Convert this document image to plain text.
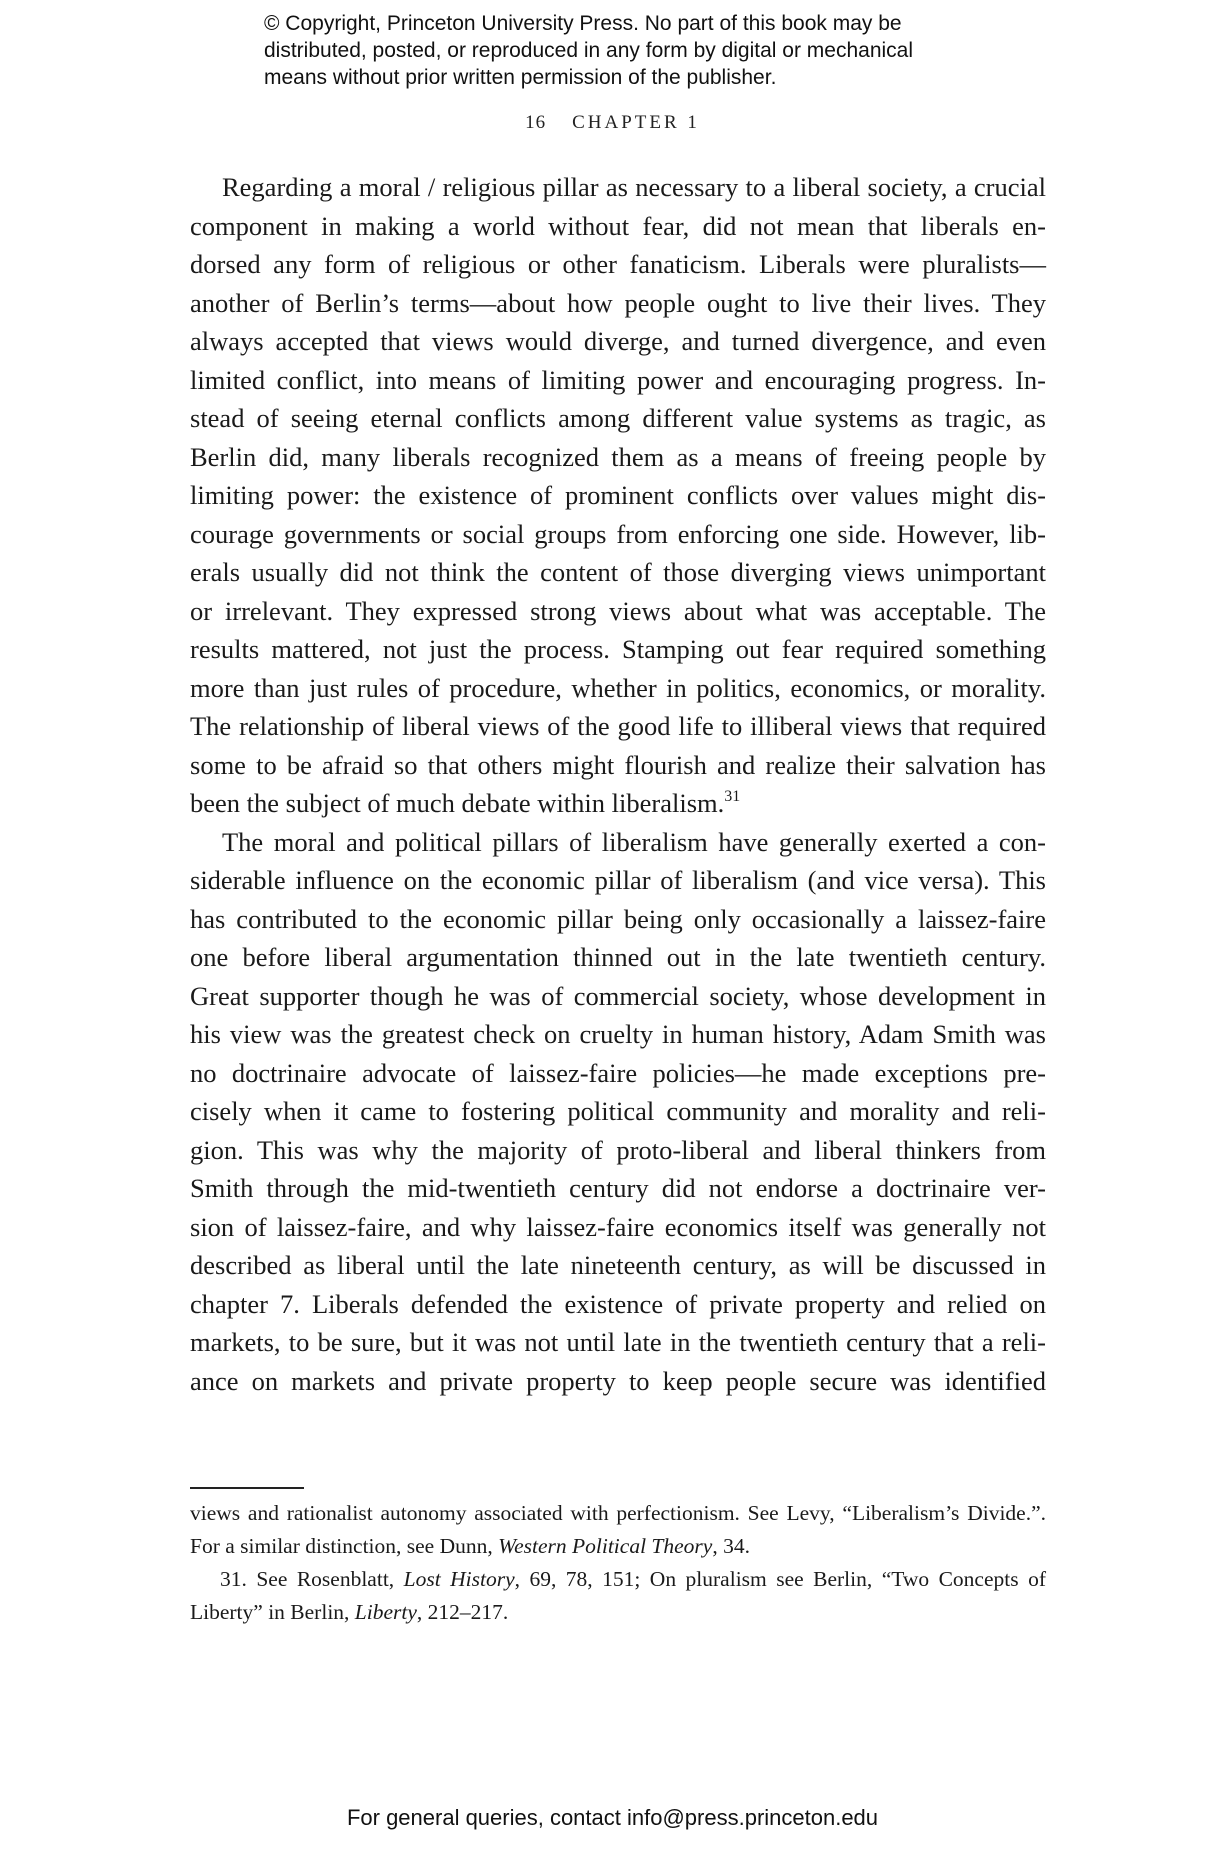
© Copyright, Princeton University Press. No part of this book may be
distributed, posted, or reproduced in any form by digital or mechanical
means without prior written permission of the publisher.
16 CHAPTER 1
Regarding a moral / religious pillar as necessary to a liberal society, a crucial
component in making a world without fear, did not mean that liberals en-
dorsed any form of religious or other fanaticism. Liberals were pluralists—
another of Berlin’s terms—about how people ought to live their lives. They
always accepted that views would diverge, and turned divergence, and even
limited conflict, into means of limiting power and encouraging progress. In-
stead of seeing eternal conflicts among different value systems as tragic, as
Berlin did, many liberals recognized them as a means of freeing people by
limiting power: the existence of prominent conflicts over values might dis-
courage governments or social groups from enforcing one side. However, lib-
erals usually did not think the content of those diverging views unimportant
or irrelevant. They expressed strong views about what was acceptable. The
results mattered, not just the process. Stamping out fear required something
more than just rules of procedure, whether in politics, economics, or morality.
The relationship of liberal views of the good life to illiberal views that required
some to be afraid so that others might flourish and realize their salvation has
been the subject of much debate within liberalism.$^{31}$
The moral and political pillars of liberalism have generally exerted a con-
siderable influence on the economic pillar of liberalism (and vice versa). This
has contributed to the economic pillar being only occasionally a laissez-faire
one before liberal argumentation thinned out in the late twentieth century.
Great supporter though he was of commercial society, whose development in
his view was the greatest check on cruelty in human history, Adam Smith was
no doctrinaire advocate of laissez-faire policies—he made exceptions pre-
cisely when it came to fostering political community and morality and reli-
gion. This was why the majority of proto-liberal and liberal thinkers from
Smith through the mid-twentieth century did not endorse a doctrinaire ver-
sion of laissez-faire, and why laissez-faire economics itself was generally not
described as liberal until the late nineteenth century, as will be discussed in
chapter 7. Liberals defended the existence of private property and relied on
markets, to be sure, but it was not until late in the twentieth century that a reli-
ance on markets and private property to keep people secure was identified
views and rationalist autonomy associated with perfectionism. See Levy, “Liberalism’s Divide.”.
For a similar distinction, see Dunn, Western Political Theory, 34.
31. See Rosenblatt, Lost History, 69, 78, 151; On pluralism see Berlin, “Two Concepts of
Liberty” in Berlin, Liberty, 212–217.
For general queries, contact info@press.princeton.edu
